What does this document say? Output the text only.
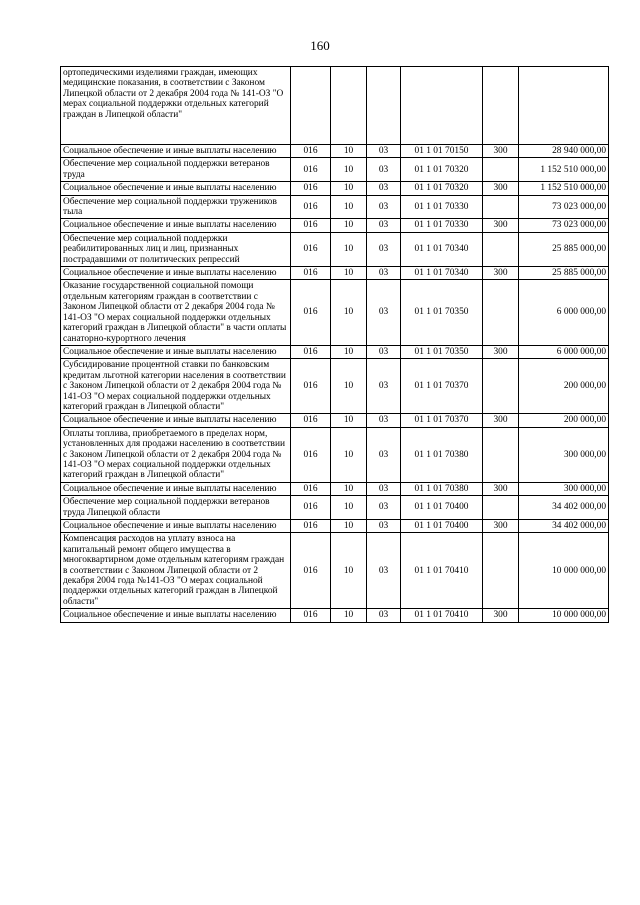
160
ортопедическими изделиями граждан, имеющих медицинские показания, в соответствии с Законом Липецкой области от 2 декабря 2004 года № 141-ОЗ "О мерах социальной поддержки отдельных категорий граждан в Липецкой области"						
Социальное обеспечение и иные выплаты населению	016	10	03	01 1 01 70150	300	28 940 000,00
Обеспечение мер социальной поддержки ветеранов труда	016	10	03	01 1 01 70320		1 152 510 000,00
Социальное обеспечение и иные выплаты населению	016	10	03	01 1 01 70320	300	1 152 510 000,00
Обеспечение мер социальной поддержки тружеников тыла	016	10	03	01 1 01 70330		73 023 000,00
Социальное обеспечение и иные выплаты населению	016	10	03	01 1 01 70330	300	73 023 000,00
Обеспечение мер социальной поддержки реабилитированных лиц и лиц, признанных пострадавшими от политических репрессий	016	10	03	01 1 01 70340		25 885 000,00
Социальное обеспечение и иные выплаты населению	016	10	03	01 1 01 70340	300	25 885 000,00
Оказание государственной социальной помощи отдельным категориям граждан в соответствии с Законом Липецкой области от 2 декабря 2004 года № 141-ОЗ "О мерах социальной поддержки отдельных категорий граждан в Липецкой области" в части оплаты санаторно-курортного лечения	016	10	03	01 1 01 70350		6 000 000,00
Социальное обеспечение и иные выплаты населению	016	10	03	01 1 01 70350	300	6 000 000,00
Субсидирование процентной ставки по банковским кредитам льготной категории населения в соответствии с Законом Липецкой области от 2 декабря 2004 года № 141-ОЗ "О мерах социальной поддержки отдельных категорий граждан в Липецкой области"	016	10	03	01 1 01 70370		200 000,00
Социальное обеспечение и иные выплаты населению	016	10	03	01 1 01 70370	300	200 000,00
Оплаты топлива, приобретаемого в пределах норм, установленных для продажи населению в соответствии с Законом Липецкой области от 2 декабря 2004 года № 141-ОЗ "О мерах социальной поддержки отдельных категорий граждан в Липецкой области"	016	10	03	01 1 01 70380		300 000,00
Социальное обеспечение и иные выплаты населению	016	10	03	01 1 01 70380	300	300 000,00
Обеспечение мер социальной поддержки ветеранов труда Липецкой области	016	10	03	01 1 01 70400		34 402 000,00
Социальное обеспечение и иные выплаты населению	016	10	03	01 1 01 70400	300	34 402 000,00
Компенсация расходов на уплату взноса на капитальный ремонт общего имущества в многоквартирном доме отдельным категориям граждан в соответствии с Законом Липецкой области от 2 декабря 2004 года №141-ОЗ "О мерах социальной поддержки отдельных категорий граждан в Липецкой области"	016	10	03	01 1 01 70410		10 000 000,00
Социальное обеспечение и иные выплаты населению	016	10	03	01 1 01 70410	300	10 000 000,00
